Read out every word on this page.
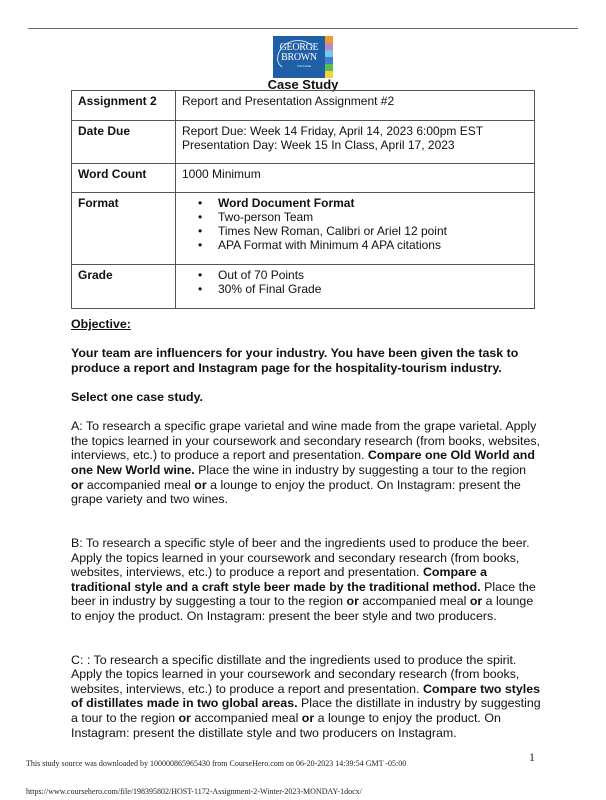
GEORGE
BROWN
COLLEGE
Case Study
Assignment 2	Report and Presentation Assignment #2

Date Due	Report Due: Week 14 Friday, April 14, 2023 6:00pm EST
Presentation Day: Week 15 In Class, April 17, 2023

Word Count	1000 Minimum

Format	
•Word Document Format
• Two-person Team
• Times New Roman, Calibri or Ariel 12 point
• APA Format with Minimum 4 APA citations

Grade	
•Out of 70 Points
• 30% of Final Grade

Objective:

Your team are influencers for your industry. You have been given the task to produce a report and Instagram page for the hospitality-tourism industry.

Select one case study.

A: To research a specific grape varietal and wine made from the grape varietal. Apply the topics learned in your coursework and secondary research (from books, websites, interviews, etc.) to produce a report and presentation. Compare one Old World and one New World wine. Place the wine in industry by suggesting a tour to the region or accompanied meal or a lounge to enjoy the product. On Instagram: present the grape variety and two wines.

B: To research a specific style of beer and the ingredients used to produce the beer. Apply the topics learned in your coursework and secondary research (from books, websites, interviews, etc.) to produce a report and presentation. Compare a traditional style and a craft style beer made by the traditional method. Place the beer in industry by suggesting a tour to the region or accompanied meal or a lounge to enjoy the product. On Instagram: present the beer style and two producers.

C: : To research a specific distillate and the ingredients used to produce the spirit. Apply the topics learned in your coursework and secondary research (from books, websites, interviews, etc.) to produce a report and presentation. Compare two styles of distillates made in two global areas. Place the distillate in industry by suggesting a tour to the region or accompanied meal or a lounge to enjoy the product. On Instagram: present the distillate style and two producers on Instagram.

1
This study source was downloaded by 100000865965430 from CourseHero.com on 06-20-2023 14:39:54 GMT -05:00
https://www.coursehero.com/file/198395802/HOST-1172-Assignment-2-Winter-2023-MONDAY-1docx/
